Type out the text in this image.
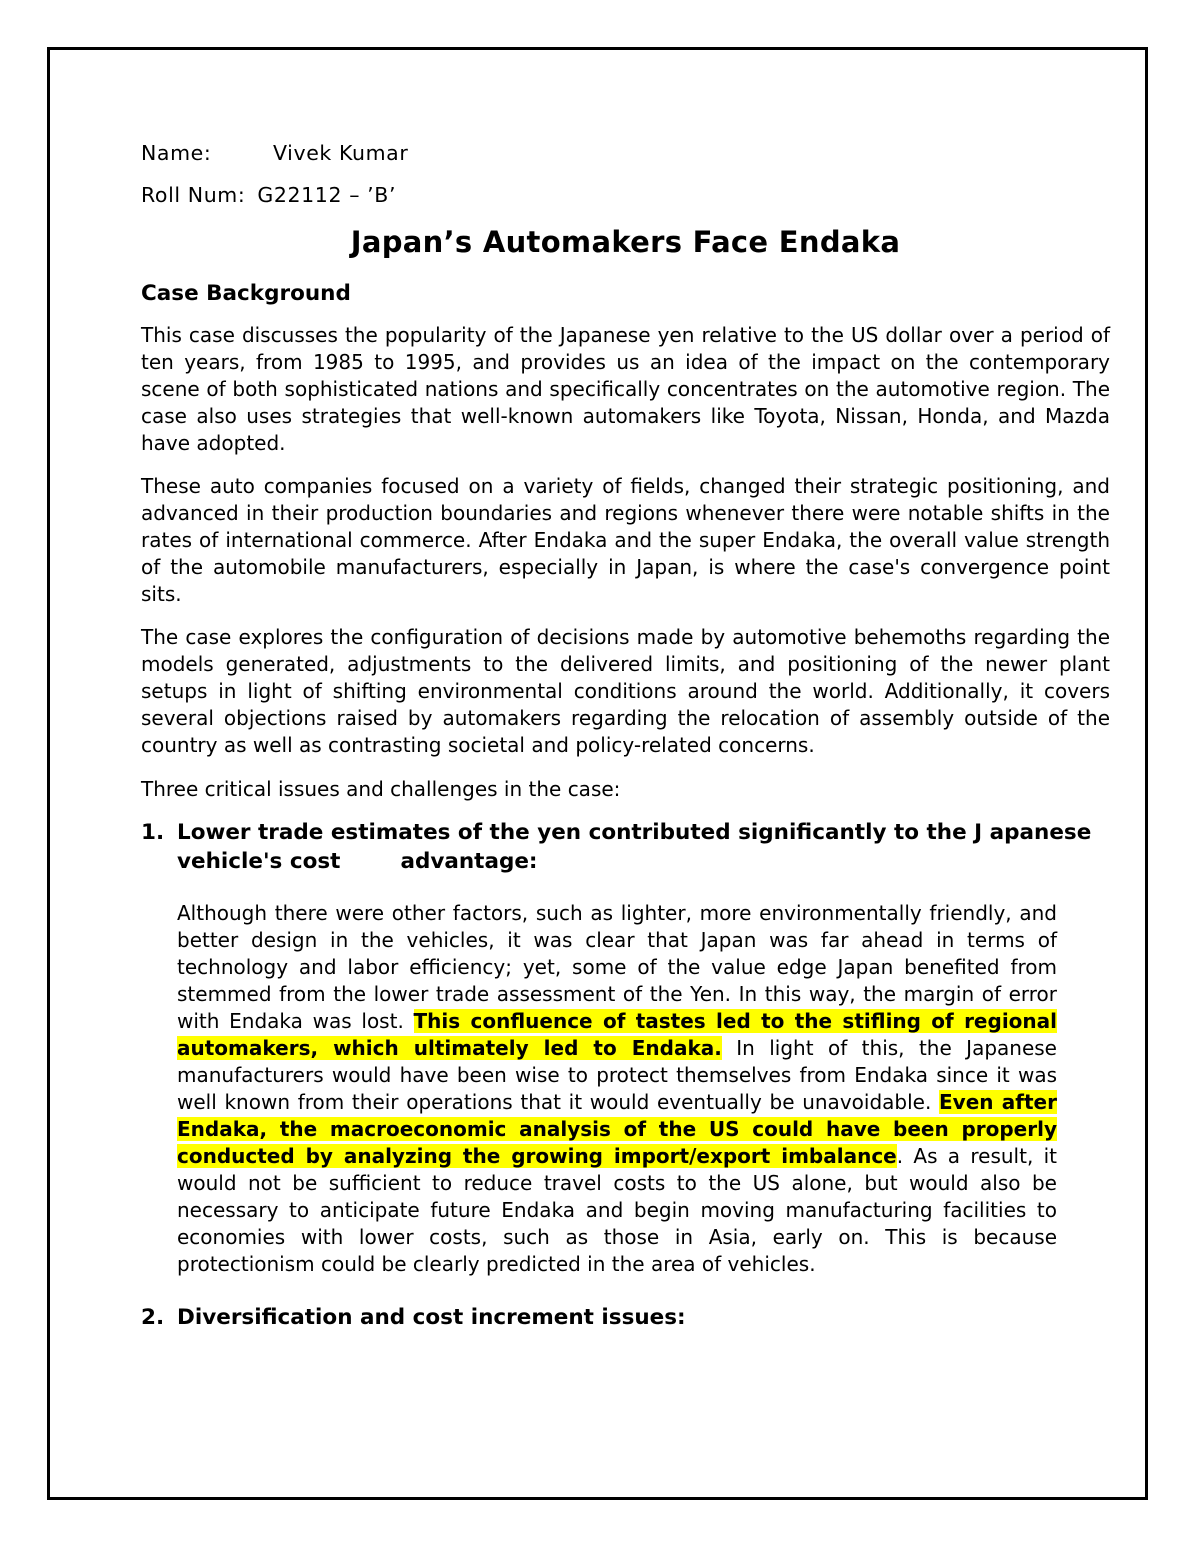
Name:	Vivek Kumar
Roll Num: G22112 – ’B’
Japan’s Automakers Face Endaka
Case Background

This case discusses the popularity of the Japanese yen relative to the US dollar over a period of ten years, from 1985 to 1995, and provides us an idea of the impact on the contemporary scene of both sophisticated nations and specifically concentrates on the automotive region. The case also uses strategies that well-known automakers like Toyota, Nissan, Honda, and Mazda have adopted.

These auto companies focused on a variety of fields, changed their strategic positioning, and advanced in their production boundaries and regions whenever there were notable shifts in the rates of international commerce. After Endaka and the super Endaka, the overall value strength of the automobile manufacturers, especially in Japan, is where the case's convergence point sits.

The case explores the configuration of decisions made by automotive behemoths regarding the models generated, adjustments to the delivered limits, and positioning of the newer plant setups in light of shifting environmental conditions around the world. Additionally, it covers several objections raised by automakers regarding the relocation of assembly outside of the country as well as contrasting societal and policy-related concerns.

Three critical issues and challenges in the case:

1. Lower trade estimates of the yen contributed significantly to the J apanese vehicle's cost	advantage:

Although there were other factors, such as lighter, more environmentally friendly, and better design in the vehicles, it was clear that Japan was far ahead in terms of technology and labor efficiency; yet, some of the value edge Japan benefited from stemmed from the lower trade assessment of the Yen. In this way, the margin of error with Endaka was lost. This confluence of tastes led to the stifling of regional automakers, which ultimately led to Endaka. In light of this, the Japanese manufacturers would have been wise to protect themselves from Endaka since it was well known from their operations that it would eventually be unavoidable. Even after Endaka, the macroeconomic analysis of the US could have been properly conducted by analyzing the growing import/export imbalance. As a result, it would not be sufficient to reduce travel costs to the US alone, but would also be necessary to anticipate future Endaka and begin moving manufacturing facilities to economies with lower costs, such as those in Asia, early on. This is because protectionism could be clearly predicted in the area of vehicles.

2. Diversification and cost increment issues:
